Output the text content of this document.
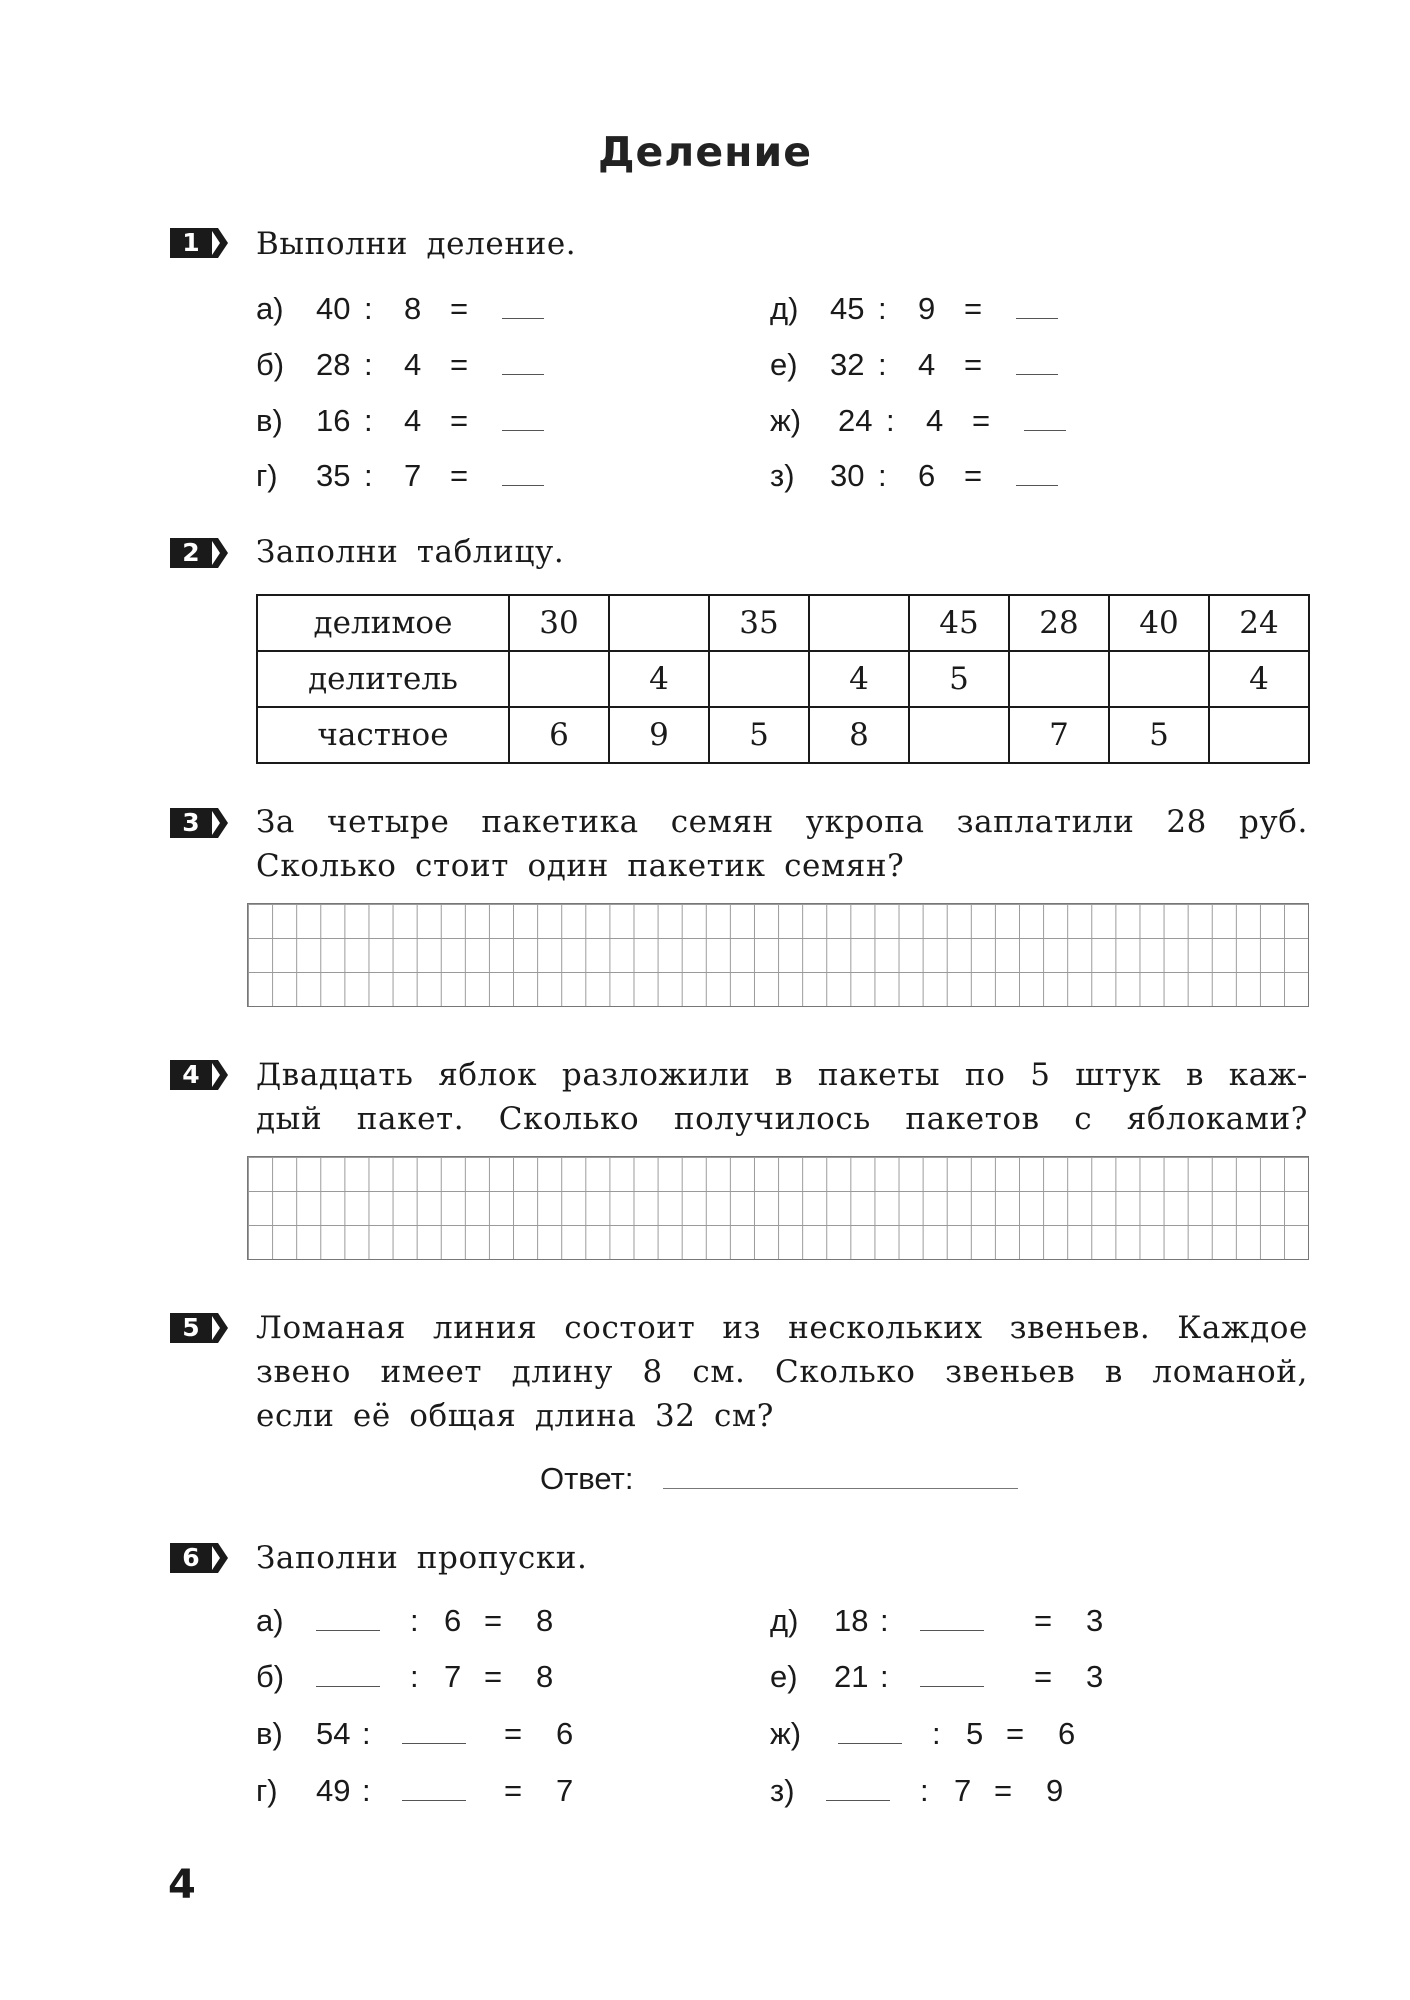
Деление
1	Выполни деление.
а)	40 :	8 =
б)	28 :	4 =
в)	16 :	4 =
г)	35 :	7 =
д)	45 :	9 =
е)	32 :	4 =
ж)	24 :	4 =
з)	30 :	6 =
2	Заполни таблицу.
делимое	30		35		45	28	40	24
делитель		4		4	5			4
частное	6	9	5	8		7	5	
3	За четыре пакетика семян укропа заплатили 28 руб.
Сколько стоит один пакетик семян?
4	Двадцать яблок разложили в пакеты по 5 штук в каж-
дый пакет. Сколько получилось пакетов с яблоками?
5	Ломаная линия состоит из нескольких звеньев. Каждое
звено имеет длину 8 см. Сколько звеньев в ломаной,
если её общая длина 32 см?
Ответ:
6	Заполни пропуски.
а)	: 6 =	8
б)	: 7 =	8
в)	54 :	=	6
г)	49 :	=	7
д)	18 :	=	3
е)	21 :	=	3
ж)	: 5 =	6
з)	: 7 =	9
4
